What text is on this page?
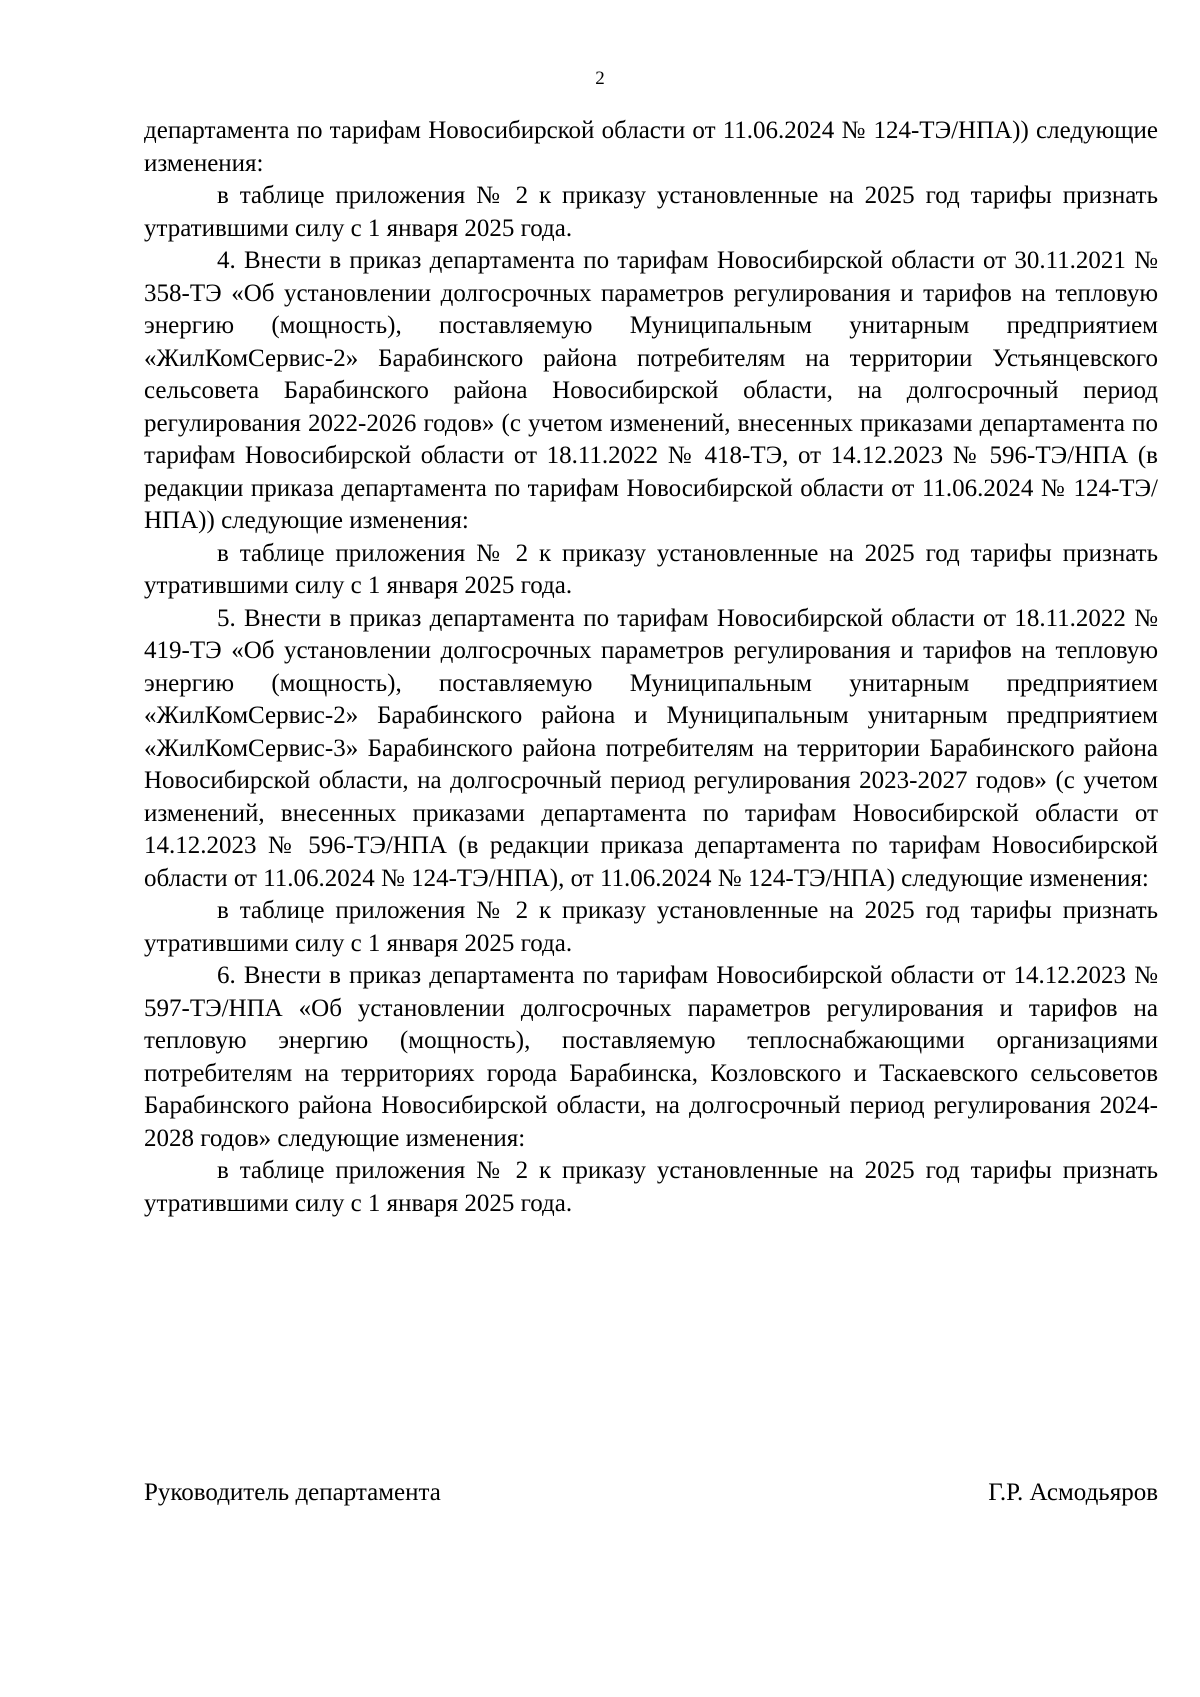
2

департамента по тарифам Новосибирской области от 11.06.2024 № 124-ТЭ/НПА)) следующие изменения:

в таблице приложения № 2 к приказу установленные на 2025 год тарифы признать утратившими силу с 1 января 2025 года.

4. Внести в приказ департамента по тарифам Новосибирской области от 30.11.2021 № 358-ТЭ «Об установлении долгосрочных параметров регулирования и тарифов на тепловую энергию (мощность), поставляемую Муниципальным унитарным предприятием «ЖилКомСервис-2» Барабинского района потребителям на территории Устьянцевского сельсовета Барабинского района Новосибирской области, на долгосрочный период регулирования 2022-2026 годов» (с учетом изменений, внесенных приказами департамента по тарифам Новосибирской области от 18.11.2022 № 418-ТЭ, от 14.12.2023 № 596-ТЭ/НПА (в редакции приказа департамента по тарифам Новосибирской области от 11.06.2024 № 124-ТЭ/НПА)) следующие изменения:

в таблице приложения № 2 к приказу установленные на 2025 год тарифы признать утратившими силу с 1 января 2025 года.

5. Внести в приказ департамента по тарифам Новосибирской области от 18.11.2022 № 419-ТЭ «Об установлении долгосрочных параметров регулирования и тарифов на тепловую энергию (мощность), поставляемую Муниципальным унитарным предприятием «ЖилКомСервис-2» Барабинского района и Муниципальным унитарным предприятием «ЖилКомСервис-3» Барабинского района потребителям на территории Барабинского района Новосибирской области, на долгосрочный период регулирования 2023-2027 годов» (с учетом изменений, внесенных приказами департамента по тарифам Новосибирской области от 14.12.2023 № 596-ТЭ/НПА (в редакции приказа департамента по тарифам Новосибирской области от 11.06.2024 № 124-ТЭ/НПА), от 11.06.2024 № 124-ТЭ/НПА) следующие изменения:

в таблице приложения № 2 к приказу установленные на 2025 год тарифы признать утратившими силу с 1 января 2025 года.

6. Внести в приказ департамента по тарифам Новосибирской области от 14.12.2023 № 597-ТЭ/НПА «Об установлении долгосрочных параметров регулирования и тарифов на тепловую энергию (мощность), поставляемую теплоснабжающими организациями потребителям на территориях города Барабинска, Козловского и Таскаевского сельсоветов Барабинского района Новосибирской области, на долгосрочный период регулирования 2024-2028 годов» следующие изменения:

в таблице приложения № 2 к приказу установленные на 2025 год тарифы признать утратившими силу с 1 января 2025 года.

Руководитель департамента	Г.Р. Асмодьяров
